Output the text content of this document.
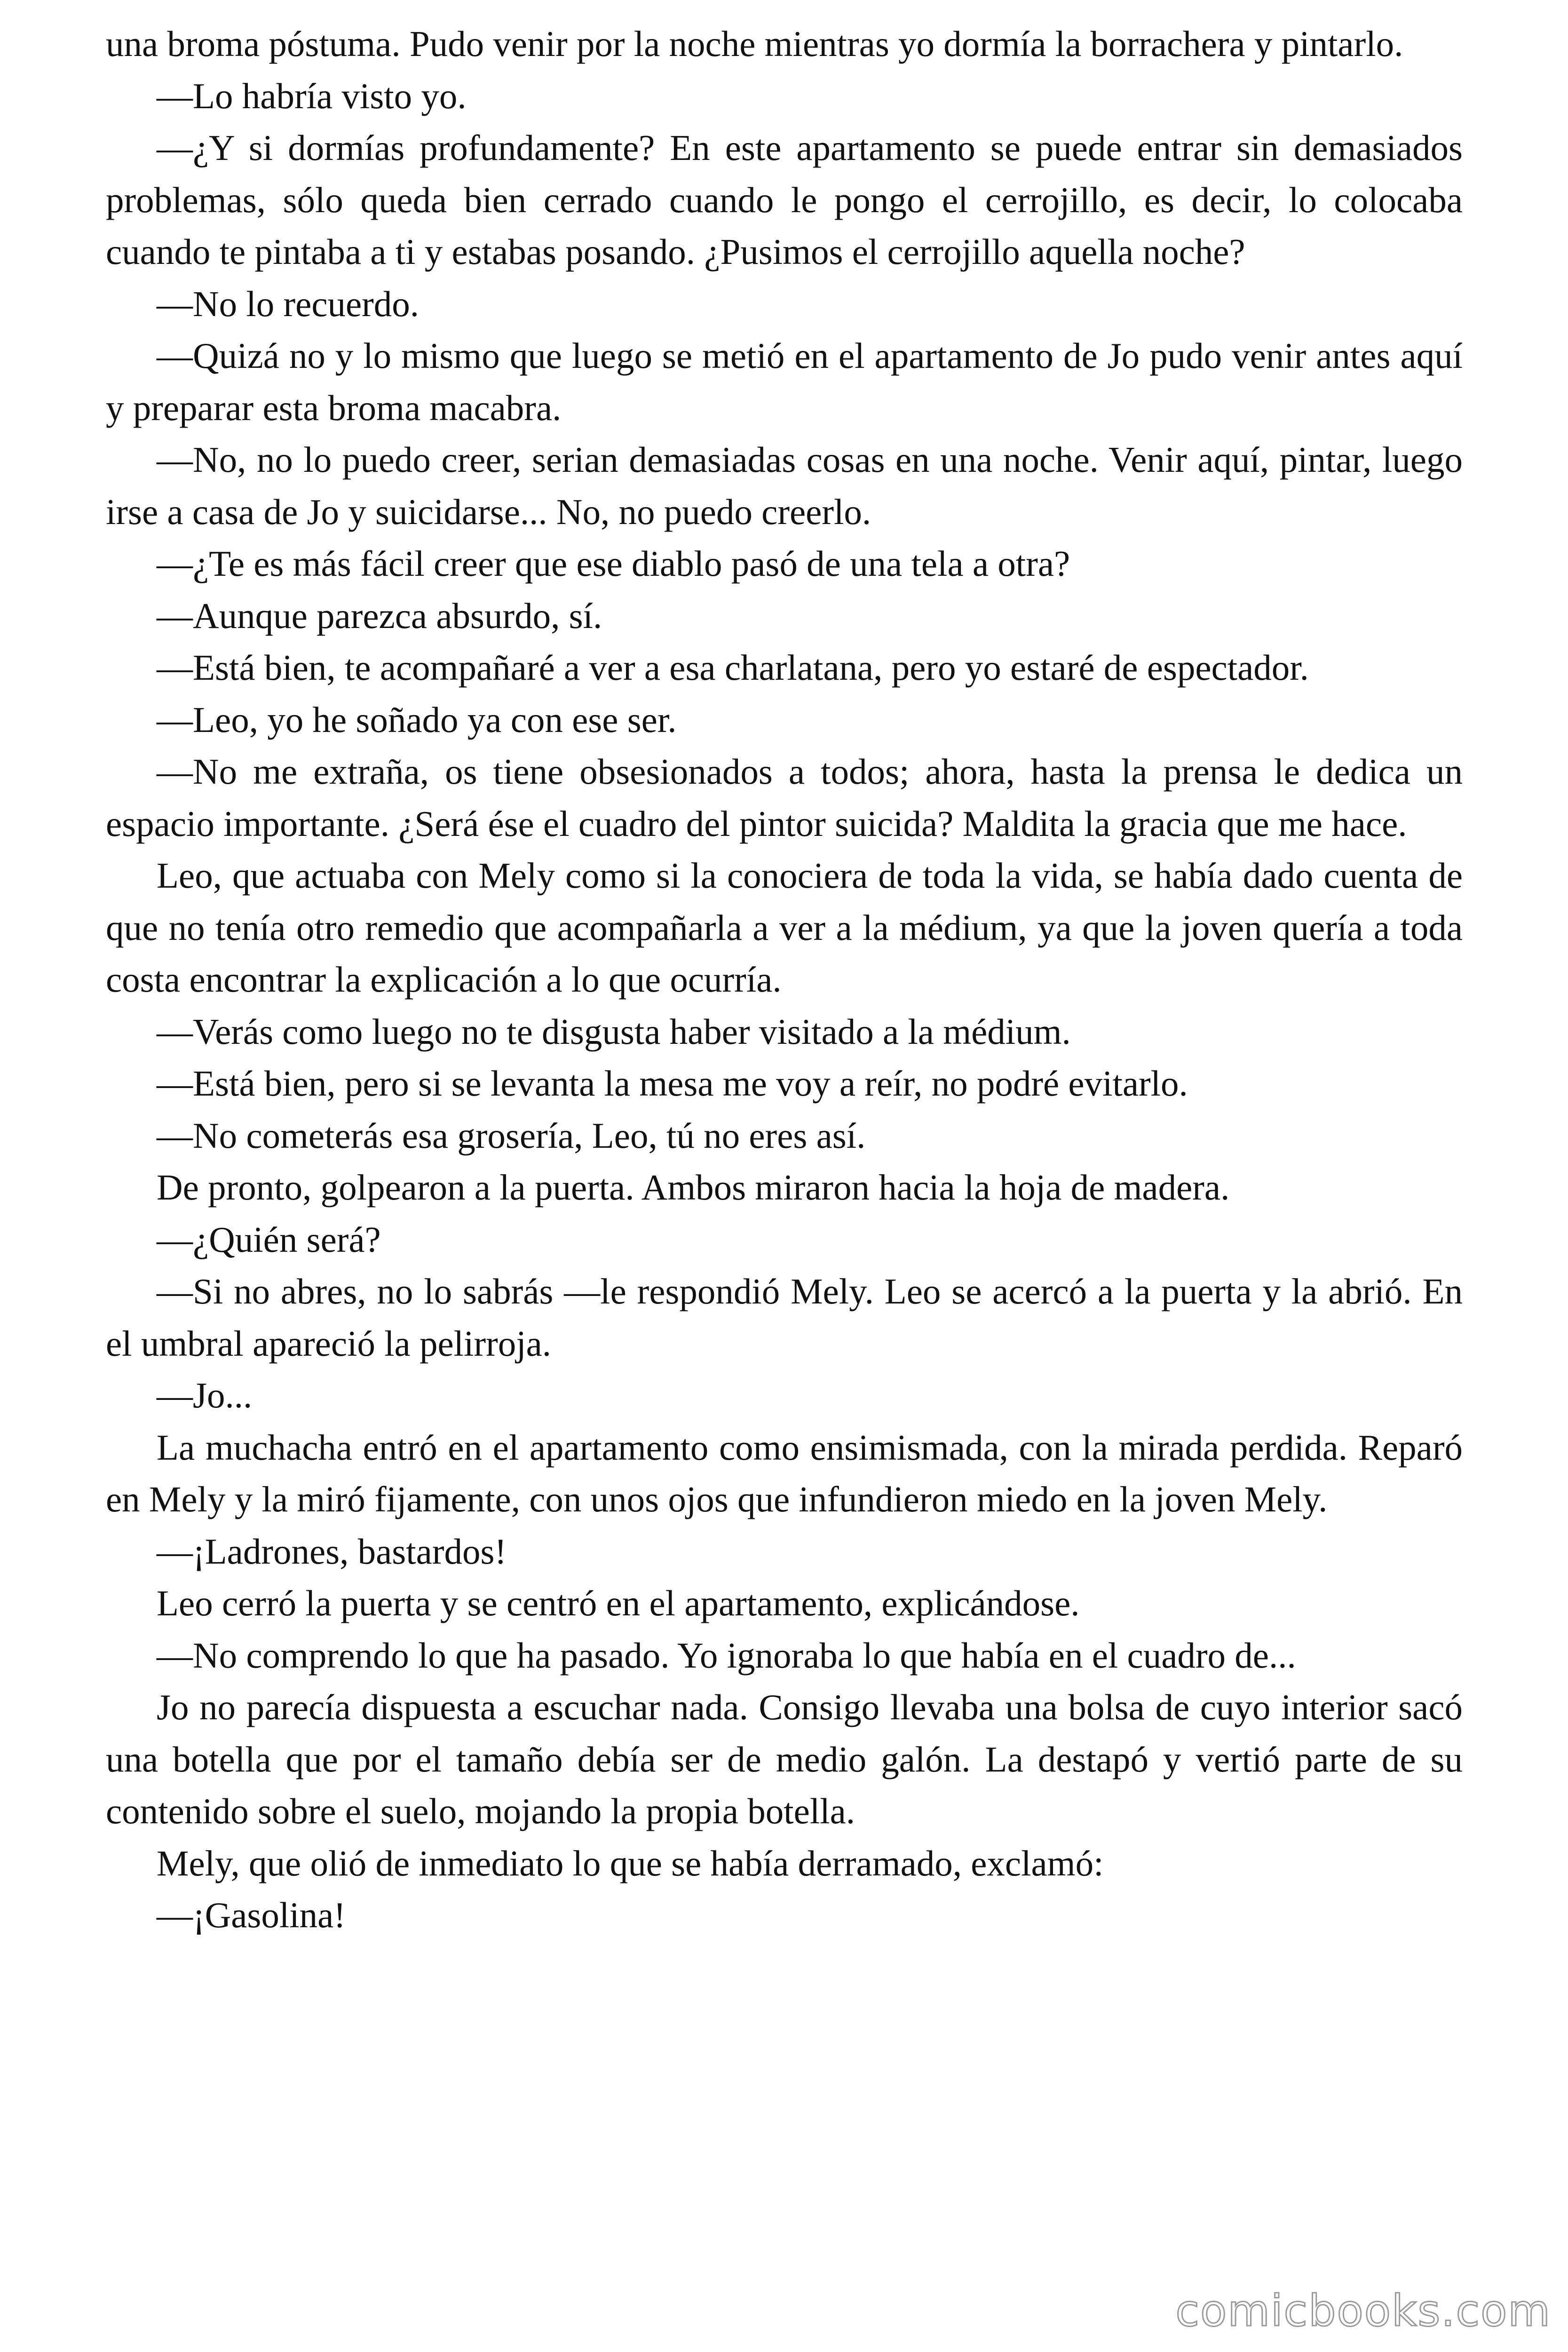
una broma póstuma. Pudo venir por la noche mientras yo dormía la borrachera y pintarlo.

—Lo habría visto yo.

—¿Y si dormías profundamente? En este apartamento se puede entrar sin demasiados problemas, sólo queda bien cerrado cuando le pongo el cerrojillo, es decir, lo colocaba cuando te pintaba a ti y estabas posando. ¿Pusimos el cerrojillo aquella noche?

—No lo recuerdo.

—Quizá no y lo mismo que luego se metió en el apartamento de Jo pudo venir antes aquí y preparar esta broma macabra.

—No, no lo puedo creer, serian demasiadas cosas en una noche. Venir aquí, pintar, luego irse a casa de Jo y suicidarse... No, no puedo creerlo.

—¿Te es más fácil creer que ese diablo pasó de una tela a otra?

—Aunque parezca absurdo, sí.

—Está bien, te acompañaré a ver a esa charlatana, pero yo estaré de espectador.

—Leo, yo he soñado ya con ese ser.

—No me extraña, os tiene obsesionados a todos; ahora, hasta la prensa le dedica un espacio importante. ¿Será ése el cuadro del pintor suicida? Maldita la gracia que me hace.

Leo, que actuaba con Mely como si la conociera de toda la vida, se había dado cuenta de que no tenía otro remedio que acompañarla a ver a la médium, ya que la joven quería a toda costa encontrar la explicación a lo que ocurría.

—Verás como luego no te disgusta haber visitado a la médium.

—Está bien, pero si se levanta la mesa me voy a reír, no podré evitarlo.

—No cometerás esa grosería, Leo, tú no eres así.

De pronto, golpearon a la puerta. Ambos miraron hacia la hoja de madera.

—¿Quién será?

—Si no abres, no lo sabrás —le respondió Mely. Leo se acercó a la puerta y la abrió. En el umbral apareció la pelirroja.

—Jo...

La muchacha entró en el apartamento como ensimismada, con la mirada perdida. Reparó en Mely y la miró fijamente, con unos ojos que infundieron miedo en la joven Mely.

—¡Ladrones, bastardos!

Leo cerró la puerta y se centró en el apartamento, explicándose.

—No comprendo lo que ha pasado. Yo ignoraba lo que había en el cuadro de...

Jo no parecía dispuesta a escuchar nada. Consigo llevaba una bolsa de cuyo interior sacó una botella que por el tamaño debía ser de medio galón. La destapó y vertió parte de su contenido sobre el suelo, mojando la propia botella.

Mely, que olió de inmediato lo que se había derramado, exclamó:

—¡Gasolina!

comicbooks.com
